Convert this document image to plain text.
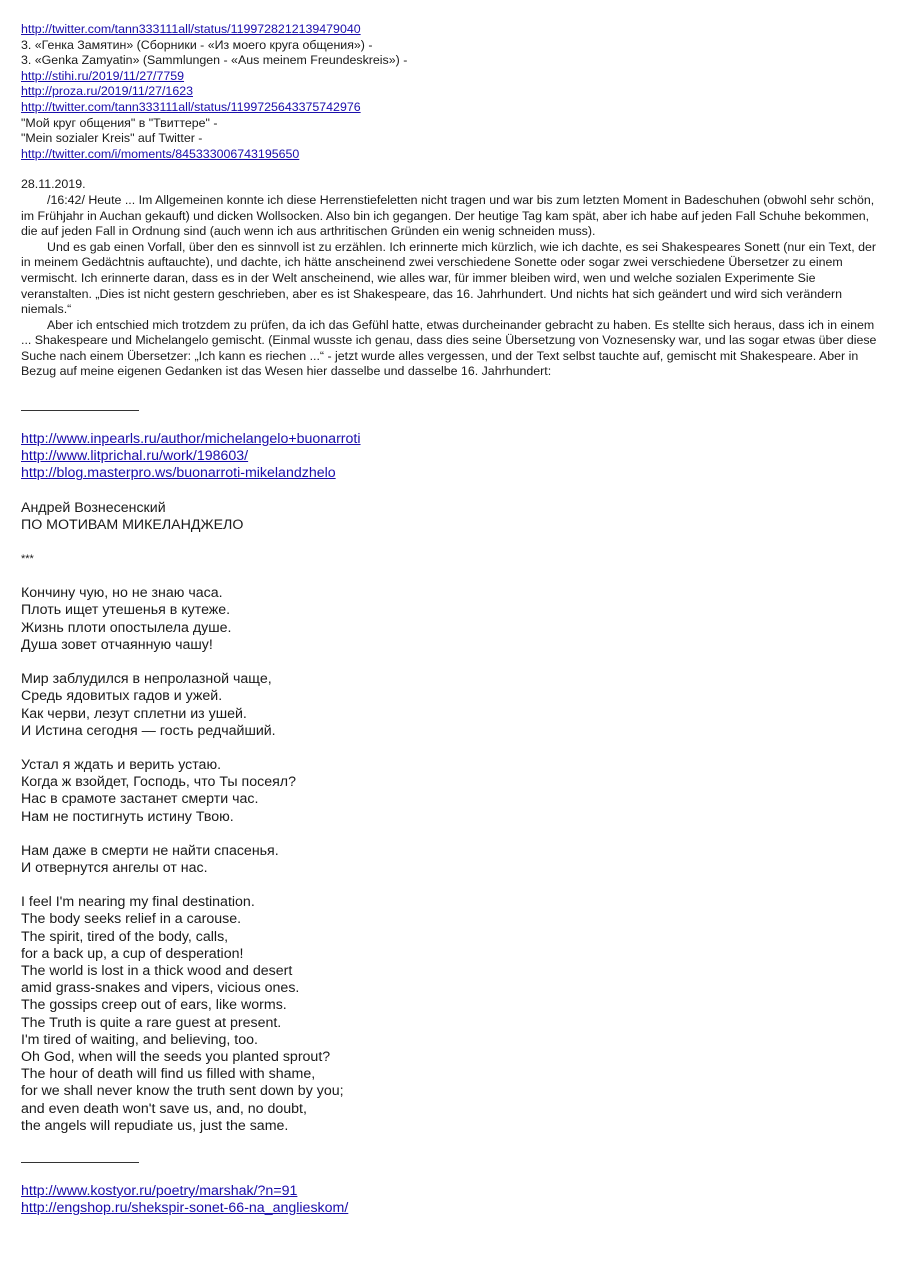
http://twitter.com/tann333111all/status/1199728212139479040

3. «Генка Замятин» (Сборники - «Из моего круга общения») -

3. «Genka Zamyatin» (Sammlungen - «Aus meinem Freundeskreis») -

http://stihi.ru/2019/11/27/7759

http://proza.ru/2019/11/27/1623

http://twitter.com/tann333111all/status/1199725643375742976

"Мой круг общения" в "Твиттере" -

"Mein sozialer Kreis" auf Twitter -

http://twitter.com/i/moments/845333006743195650

28.11.2019.

/16:42/ Heute ... Im Allgemeinen konnte ich diese Herrenstiefeletten nicht tragen und war bis zum letzten Moment in Badeschuhen (obwohl sehr schön, im Frühjahr in Auchan gekauft) und dicken Wollsocken. Also bin ich gegangen. Der heutige Tag kam spät, aber ich habe auf jeden Fall Schuhe bekommen, die auf jeden Fall in Ordnung sind (auch wenn ich aus arthritischen Gründen ein wenig schneiden muss).

Und es gab einen Vorfall, über den es sinnvoll ist zu erzählen. Ich erinnerte mich kürzlich, wie ich dachte, es sei Shakespeares Sonett (nur ein Text, der in meinem Gedächtnis auftauchte), und dachte, ich hätte anscheinend zwei verschiedene Sonette oder sogar zwei verschiedene Übersetzer zu einem vermischt. Ich erinnerte daran, dass es in der Welt anscheinend, wie alles war, für immer bleiben wird, wen und welche sozialen Experimente Sie veranstalten. „Dies ist nicht gestern geschrieben, aber es ist Shakespeare, das 16. Jahrhundert. Und nichts hat sich geändert und wird sich verändern niemals.“

Aber ich entschied mich trotzdem zu prüfen, da ich das Gefühl hatte, etwas durcheinander gebracht zu haben. Es stellte sich heraus, dass ich in einem ... Shakespeare und Michelangelo gemischt. (Einmal wusste ich genau, dass dies seine Übersetzung von Voznesensky war, und las sogar etwas über diese Suche nach einem Übersetzer: „Ich kann es riechen ...“ - jetzt wurde alles vergessen, und der Text selbst tauchte auf, gemischt mit Shakespeare. Aber in Bezug auf meine eigenen Gedanken ist das Wesen hier dasselbe und dasselbe 16. Jahrhundert:

http://www.inpearls.ru/author/michelangelo+buonarroti
http://www.litprichal.ru/work/198603/
http://blog.masterpro.ws/buonarroti-mikelandzhelo
Андрей Вознесенский
ПО МОТИВАМ МИКЕЛАНДЖЕЛО
***
Кончину чую, но не знаю часа.
Плоть ищет утешенья в кутеже.
Жизнь плоти опостылела душе.
Душа зовет отчаянную чашу!
Мир заблудился в непролазной чаще,
Средь ядовитых гадов и ужей.
Как черви, лезут сплетни из ушей.
И Истина сегодня — гость редчайший.
Устал я ждать и верить устаю.
Когда ж взойдет, Господь, что Ты посеял?
Нас в срамоте застанет смерти час.
Нам не постигнуть истину Твою.
Нам даже в смерти не найти спасенья.
И отвернутся ангелы от нас.
I feel I'm nearing my final destination.
The body seeks relief in a carouse.
The spirit, tired of the body, calls,
for a back up, a cup of desperation!
The world is lost in a thick wood and desert
amid grass-snakes and vipers, vicious ones.
The gossips creep out of ears, like worms.
The Truth is quite a rare guest at present.
I'm tired of waiting, and believing, too.
Oh God, when will the seeds you planted sprout?
The hour of death will find us filled with shame,
for we shall never know the truth sent down by you;
and even death won't save us, and, no doubt,
the angels will repudiate us, just the same.
http://www.kostyor.ru/poetry/marshak/?n=91
http://engshop.ru/shekspir-sonet-66-na_anglieskom/
